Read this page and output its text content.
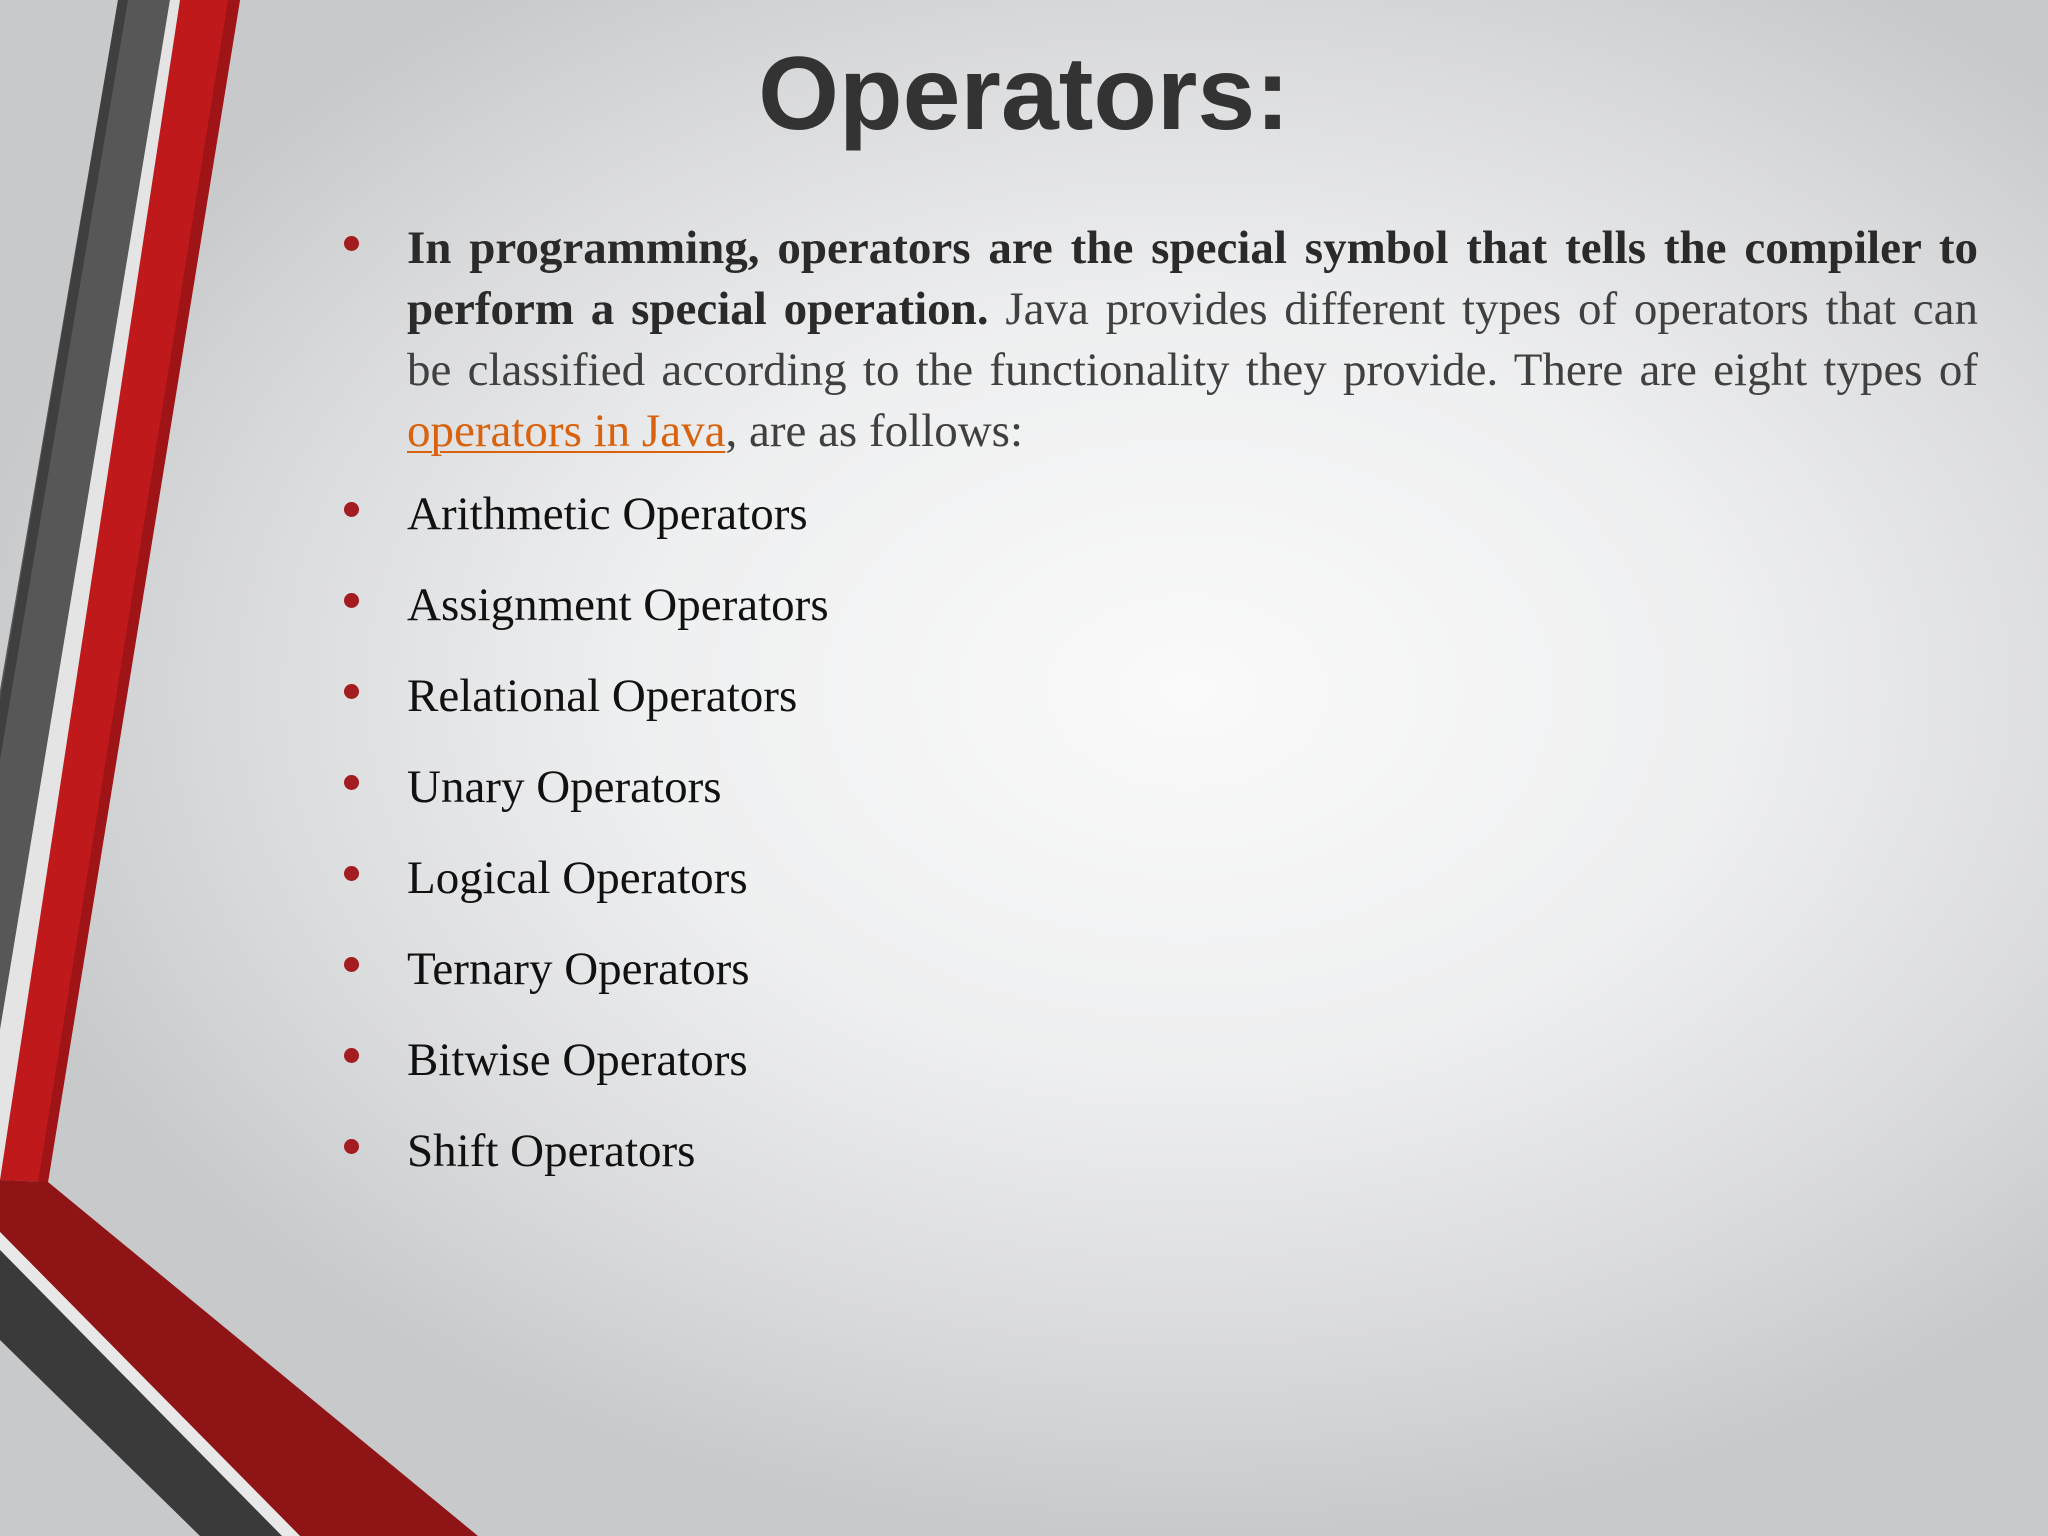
Operators:
In programming, operators are the special symbol that tells the compiler to perform a special operation. Java provides different types of operators that can be classified according to the functionality they provide. There are eight types of operators in Java, are as follows:
Arithmetic Operators
Assignment Operators
Relational Operators
Unary Operators
Logical Operators
Ternary Operators
Bitwise Operators
Shift Operators
